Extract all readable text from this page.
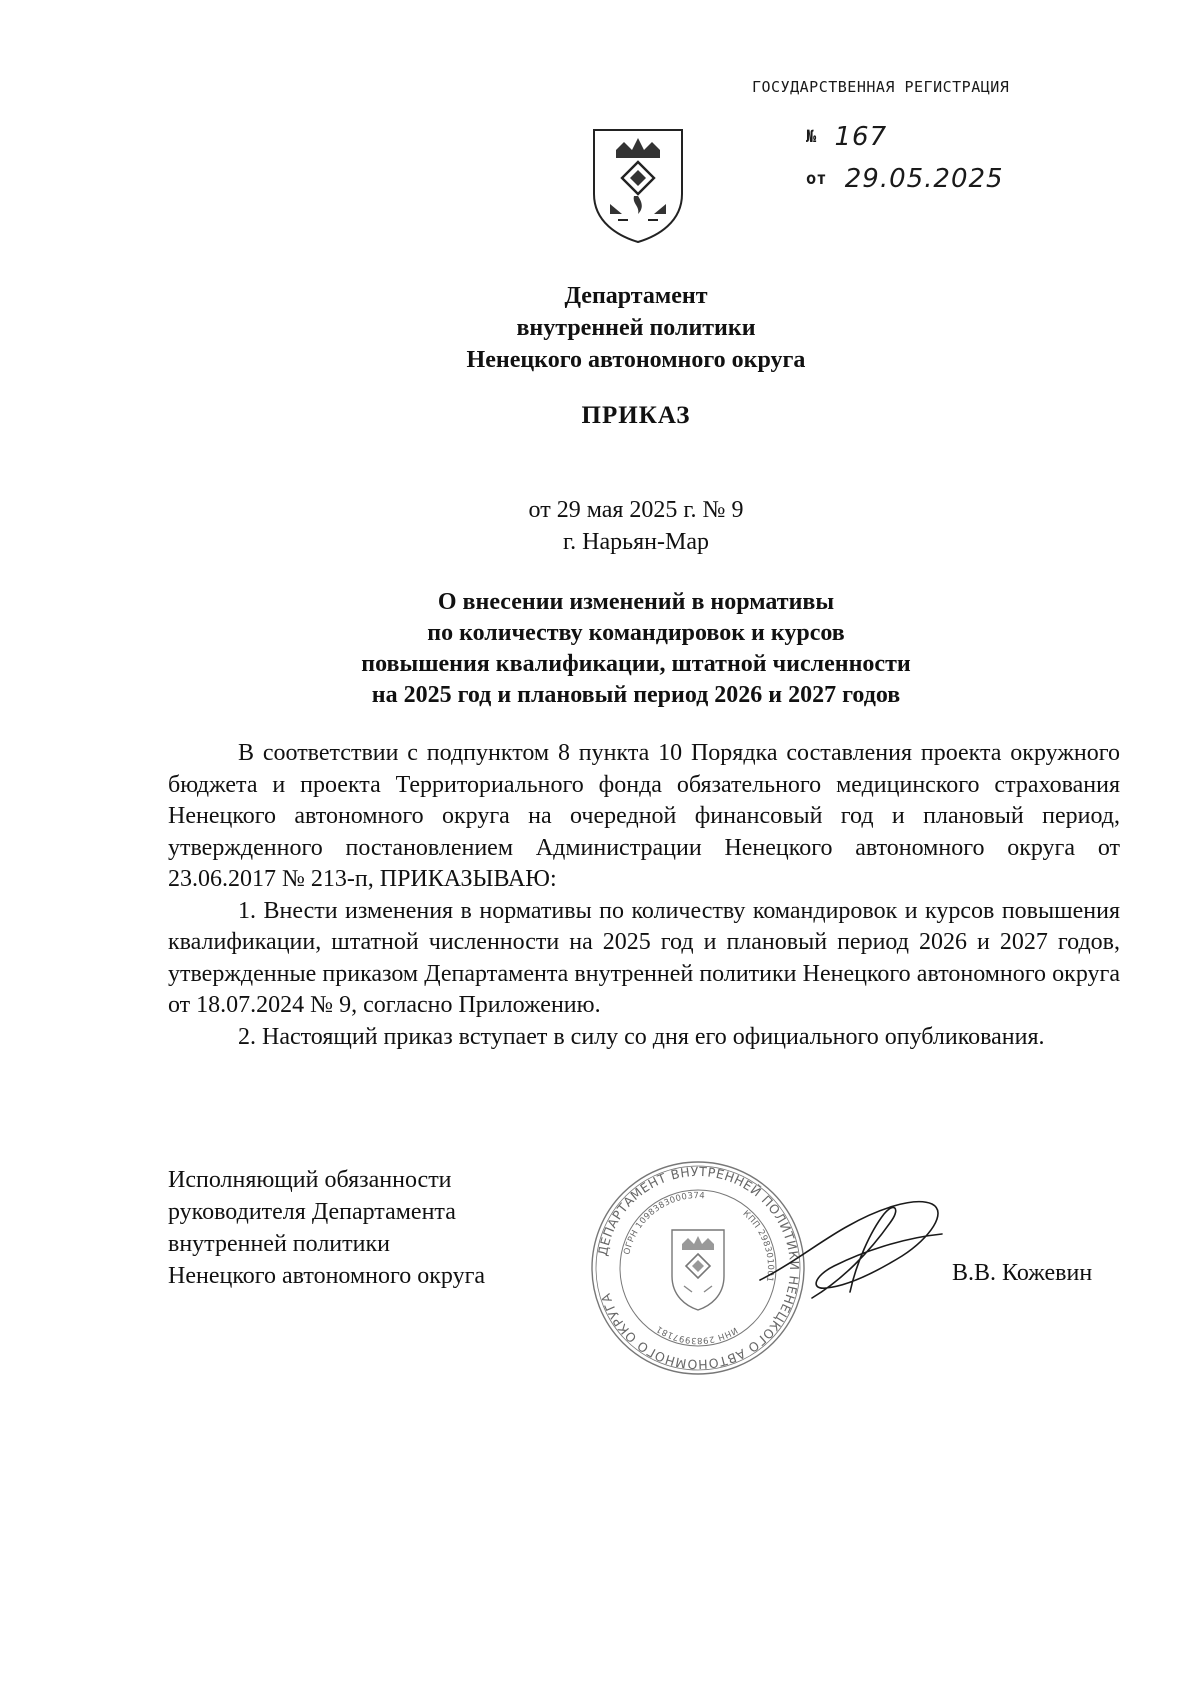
ГОСУДАРСТВЕННАЯ РЕГИСТРАЦИЯ
№ 167
от 29.05.2025
Департамент
внутренней политики
Ненецкого автономного округа
ПРИКАЗ
от 29 мая 2025 г. № 9
г. Нарьян-Мар
О внесении изменений в нормативы
по количеству командировок и курсов
повышения квалификации, штатной численности
на 2025 год и плановый период 2026 и 2027 годов

В соответствии с подпунктом 8 пункта 10 Порядка составления проекта окружного бюджета и проекта Территориального фонда обязательного медицинского страхования Ненецкого автономного округа на очередной финансовый год и плановый период, утвержденного постановлением Администрации Ненецкого автономного округа от 23.06.2017 № 213-п, ПРИКАЗЫВАЮ:

1. Внести изменения в нормативы по количеству командировок и курсов повышения квалификации, штатной численности на 2025 год и плановый период 2026 и 2027 годов, утвержденные приказом Департамента внутренней политики Ненецкого автономного округа от 18.07.2024 № 9, согласно Приложению.

2. Настоящий приказ вступает в силу со дня его официального опубликования.

Исполняющий обязанности
руководителя Департамента
внутренней политики
Ненецкого автономного округа
ДЕПАРТАМЕНТ ВНУТРЕННЕЙ ПОЛИТИКИ НЕНЕЦКОГО АВТОНОМНОГО ОКРУГА
ОГРН 1098383000374
КПП 298301001
ИНН 2983997181
В.В. Кожевин
